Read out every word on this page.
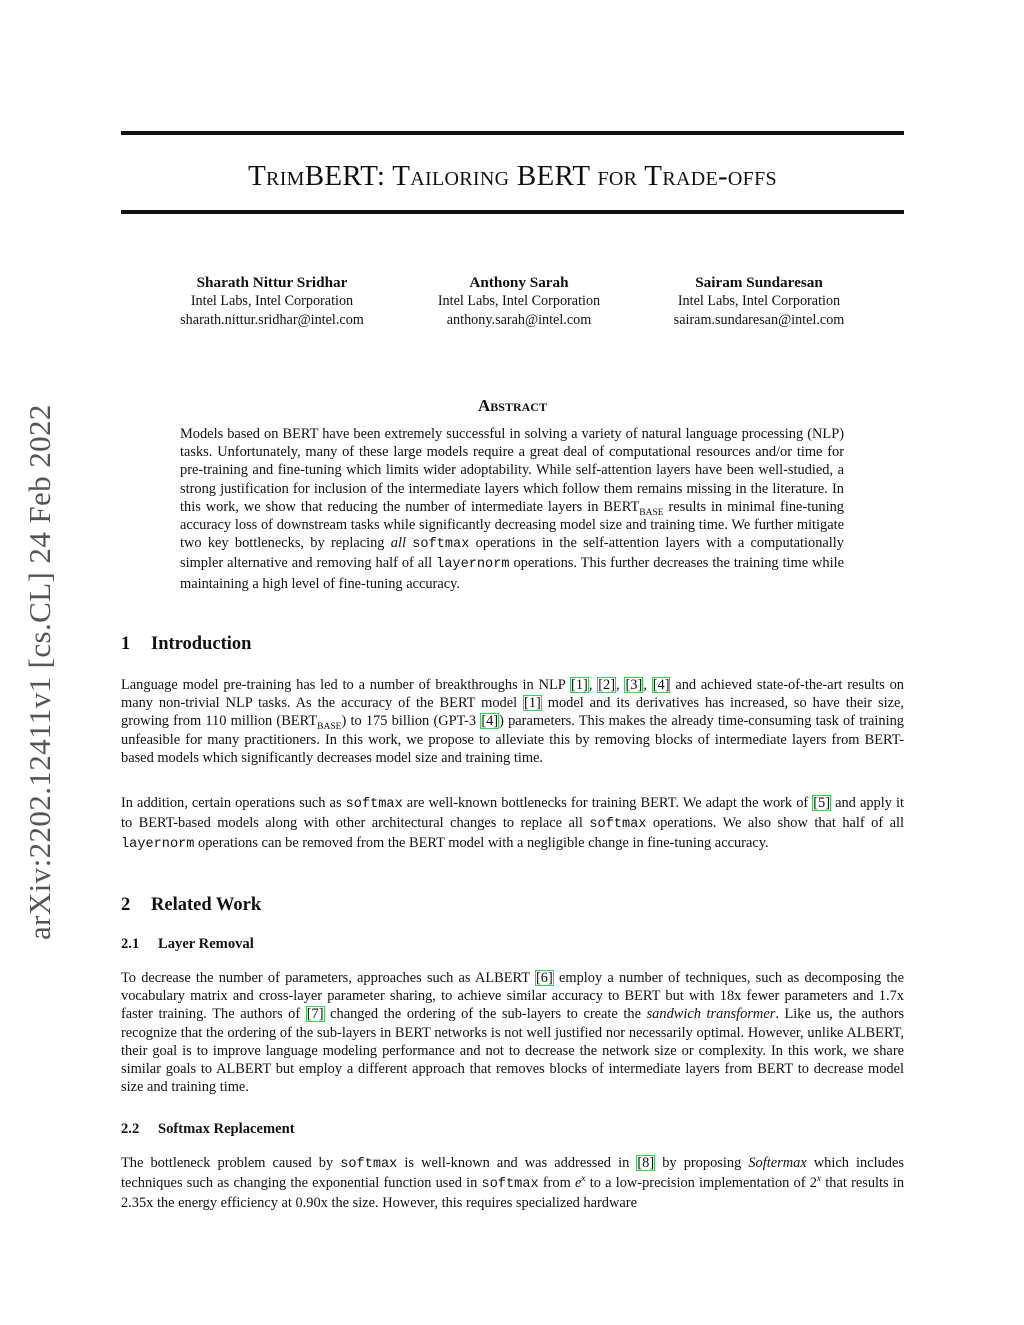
arXiv:2202.12411v1 [cs.CL] 24 Feb 2022
TrimBERT: Tailoring BERT for Trade-offs
Sharath Nittur Sridhar
Intel Labs, Intel Corporation
sharath.nittur.sridhar@intel.com
Anthony Sarah
Intel Labs, Intel Corporation
anthony.sarah@intel.com
Sairam Sundaresan
Intel Labs, Intel Corporation
sairam.sundaresan@intel.com
Abstract
Models based on BERT have been extremely successful in solving a variety of natural language processing (NLP) tasks. Unfortunately, many of these large models require a great deal of computational resources and/or time for pre-training and fine-tuning which limits wider adoptability. While self-attention layers have been well-studied, a strong justification for inclusion of the intermediate layers which follow them remains missing in the literature. In this work, we show that reducing the number of intermediate layers in $BERT_{BASE}$ results in minimal fine-tuning accuracy loss of downstream tasks while significantly decreasing model size and training time. We further mitigate two key bottlenecks, by replacing all softmax operations in the self-attention layers with a computationally simpler alternative and removing half of all layernorm operations. This further decreases the training time while maintaining a high level of fine-tuning accuracy.
1 Introduction
Language model pre-training has led to a number of breakthroughs in NLP [1], [2], [3], [4] and achieved state-of-the-art results on many non-trivial NLP tasks. As the accuracy of the BERT model [1] model and its derivatives has increased, so have their size, growing from 110 million $(BERT_{BASE})$ to 175 billion (GPT-3 [4]) parameters. This makes the already time-consuming task of training unfeasible for many practitioners. In this work, we propose to alleviate this by removing blocks of intermediate layers from BERT-based models which significantly decreases model size and training time.
In addition, certain operations such as softmax are well-known bottlenecks for training BERT. We adapt the work of [5] and apply it to BERT-based models along with other architectural changes to replace all softmax operations. We also show that half of all layernorm operations can be removed from the BERT model with a negligible change in fine-tuning accuracy.
2 Related Work
2.1 Layer Removal
To decrease the number of parameters, approaches such as ALBERT [6] employ a number of techniques, such as decomposing the vocabulary matrix and cross-layer parameter sharing, to achieve similar accuracy to BERT but with 18x fewer parameters and 1.7x faster training. The authors of [7] changed the ordering of the sub-layers to create the sandwich transformer. Like us, the authors recognize that the ordering of the sub-layers in BERT networks is not well justified nor necessarily optimal. However, unlike ALBERT, their goal is to improve language modeling performance and not to decrease the network size or complexity. In this work, we share similar goals to ALBERT but employ a different approach that removes blocks of intermediate layers from BERT to decrease model size and training time.
2.2 Softmax Replacement
The bottleneck problem caused by softmax is well-known and was addressed in [8] by proposing Softermax which includes techniques such as changing the exponential function used in softmax from $e^x$ to a low-precision implementation of 2$^x$ that results in 2.35x the energy efficiency at 0.90x the size. However, this requires specialized hardware
